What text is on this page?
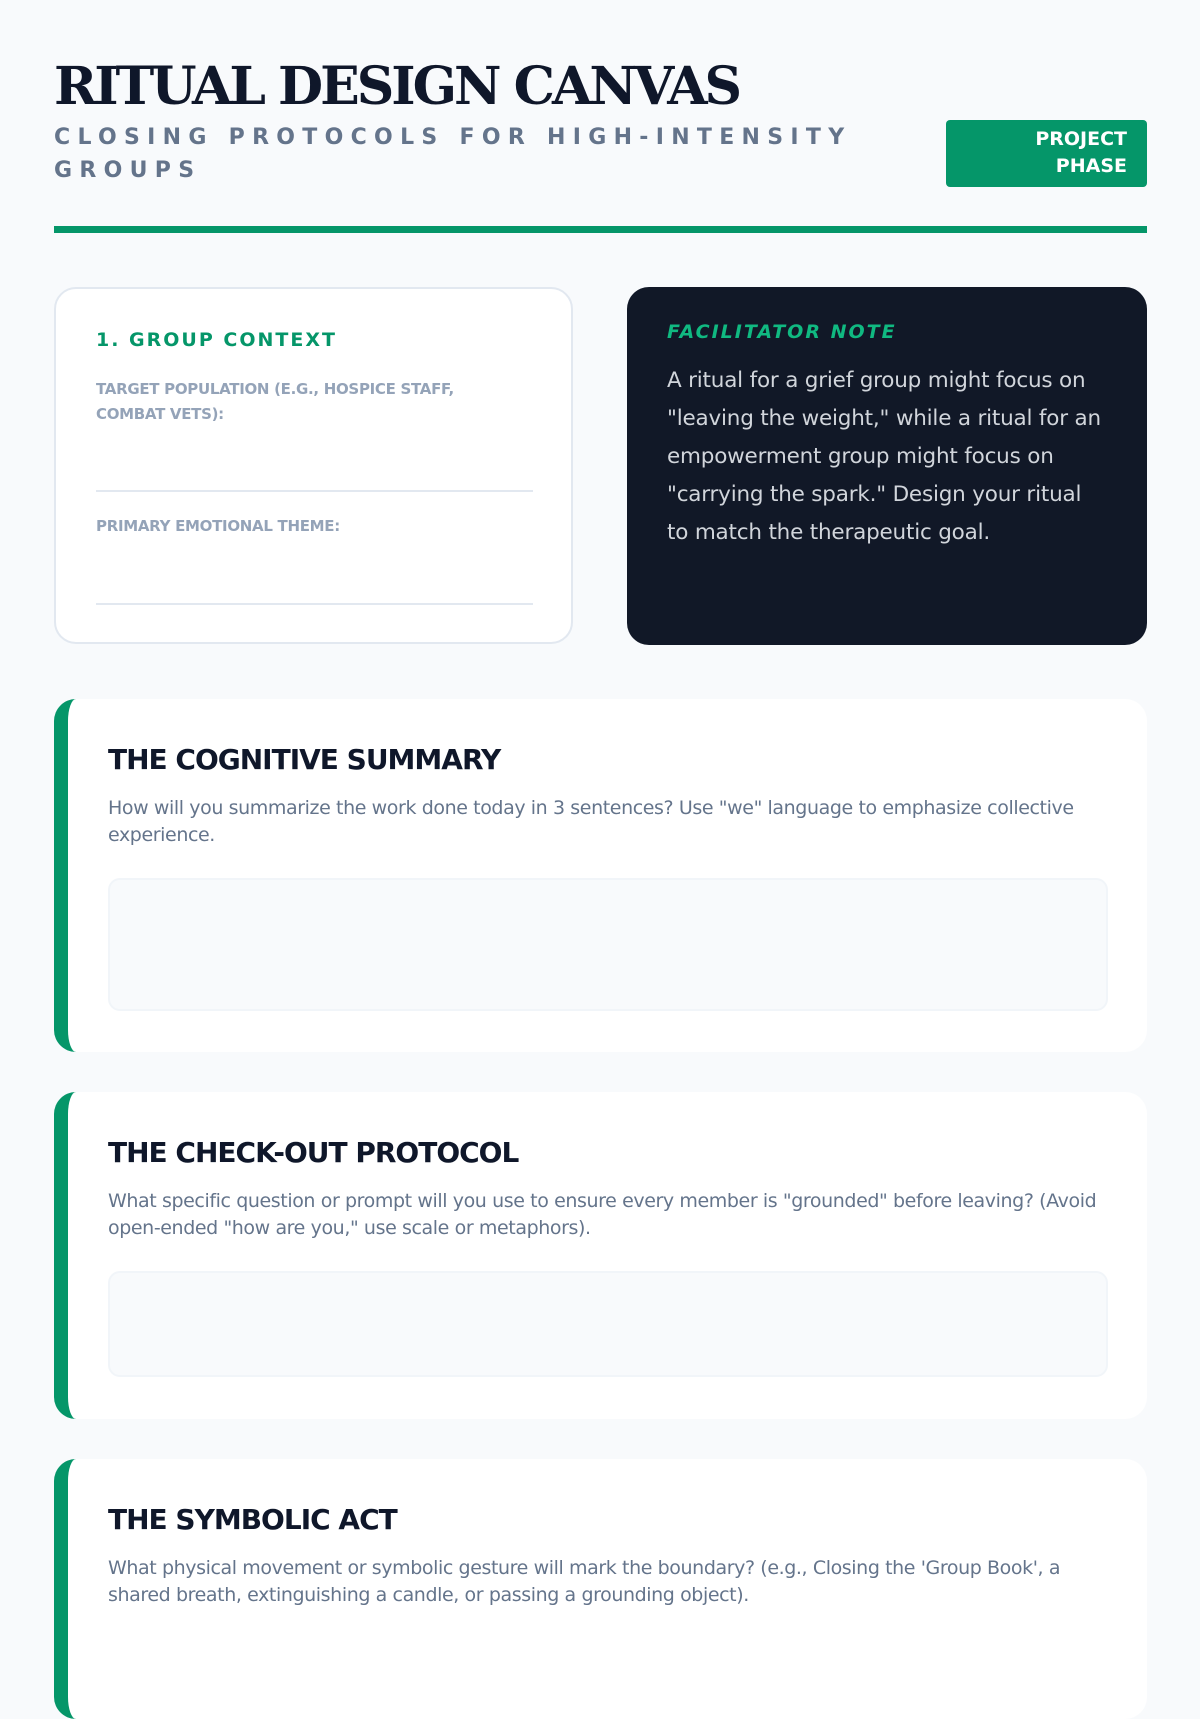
RITUAL DESIGN CANVAS

CLOSING PROTOCOLS FOR HIGH-INTENSITY GROUPS

PROJECT PHASE
1. GROUP CONTEXT

TARGET POPULATION (E.G., HOSPICE STAFF, COMBAT VETS):

PRIMARY EMOTIONAL THEME:

FACILITATOR NOTE

A ritual for a grief group might focus on "leaving the weight," while a ritual for an empowerment group might focus on "carrying the spark." Design your ritual to match the therapeutic goal.

THE COGNITIVE SUMMARY

How will you summarize the work done today in 3 sentences? Use "we" language to emphasize collective experience.

THE CHECK-OUT PROTOCOL

What specific question or prompt will you use to ensure every member is "grounded" before leaving? (Avoid open-ended "how are you," use scale or metaphors).

THE SYMBOLIC ACT

What physical movement or symbolic gesture will mark the boundary? (e.g., Closing the 'Group Book', a shared breath, extinguishing a candle, or passing a grounding object).
